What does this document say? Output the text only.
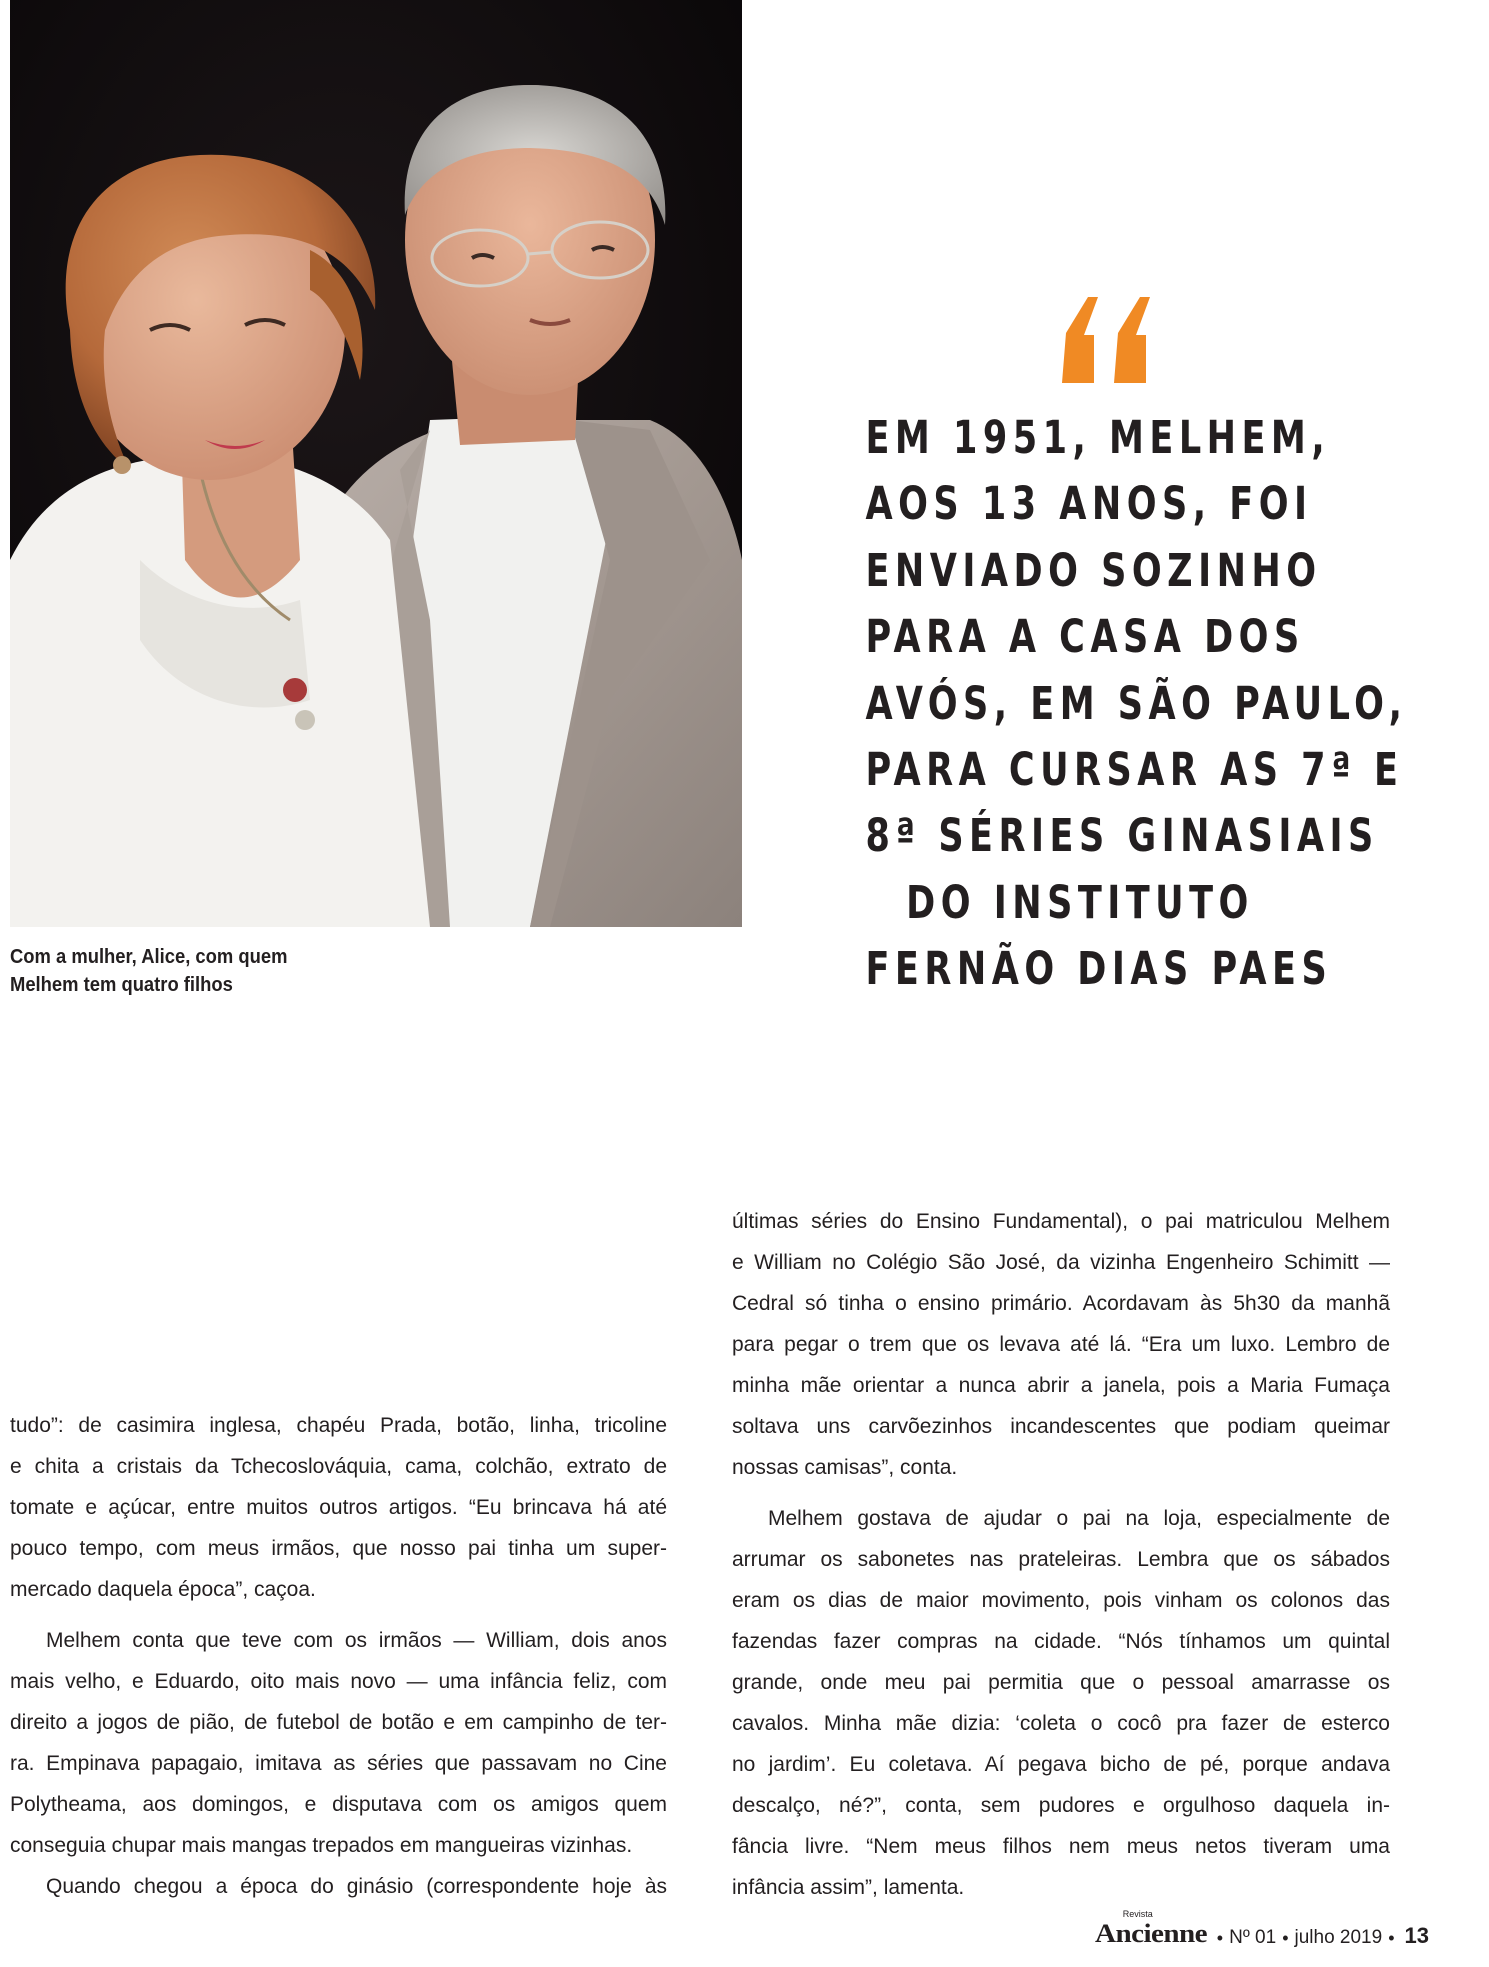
Com a mulher, Alice, com quem
Melhem tem quatro filhos
EM 1951, MELHEM,
AOS 13 ANOS, FOI
ENVIADO SOZINHO
PARA A CASA DOS
AVÓS, EM SÃO PAULO,
PARA CURSAR AS 7ª E
8ª SÉRIES GINASIAIS
DO INSTITUTO
FERNÃO DIAS PAES

tudo”: de casimira inglesa, chapéu Prada, botão, linha, tricoline
e chita a cristais da Tchecoslováquia, cama, colchão, extrato de
tomate e açúcar, entre muitos outros artigos. “Eu brincava há até
pouco tempo, com meus irmãos, que nosso pai tinha um super-
mercado daquela época”, caçoa.

Melhem conta que teve com os irmãos — William, dois anos
mais velho, e Eduardo, oito mais novo — uma infância feliz, com
direito a jogos de pião, de futebol de botão e em campinho de ter-
ra. Empinava papagaio, imitava as séries que passavam no Cine
Polytheama, aos domingos, e disputava com os amigos quem
conseguia chupar mais mangas trepados em mangueiras vizinhas.

Quando chegou a época do ginásio (correspondente hoje às

últimas séries do Ensino Fundamental), o pai matriculou Melhem
e William no Colégio São José, da vizinha Engenheiro Schimitt —
Cedral só tinha o ensino primário. Acordavam às 5h30 da manhã
para pegar o trem que os levava até lá. “Era um luxo. Lembro de
minha mãe orientar a nunca abrir a janela, pois a Maria Fumaça
soltava uns carvõezinhos incandescentes que podiam queimar
nossas camisas”, conta.

Melhem gostava de ajudar o pai na loja, especialmente de
arrumar os sabonetes nas prateleiras. Lembra que os sábados
eram os dias de maior movimento, pois vinham os colonos das
fazendas fazer compras na cidade. “Nós tínhamos um quintal
grande, onde meu pai permitia que o pessoal amarrasse os
cavalos. Minha mãe dizia: ‘coleta o cocô pra fazer de esterco
no jardim’. Eu coletava. Aí pegava bicho de pé, porque andava
descalço, né?”, conta, sem pudores e orgulhoso daquela in-
fância livre. “Nem meus filhos nem meus netos tiveram uma
infância assim”, lamenta.

Revista
Ancienne • Nº 01 • julho 2019 • 13
